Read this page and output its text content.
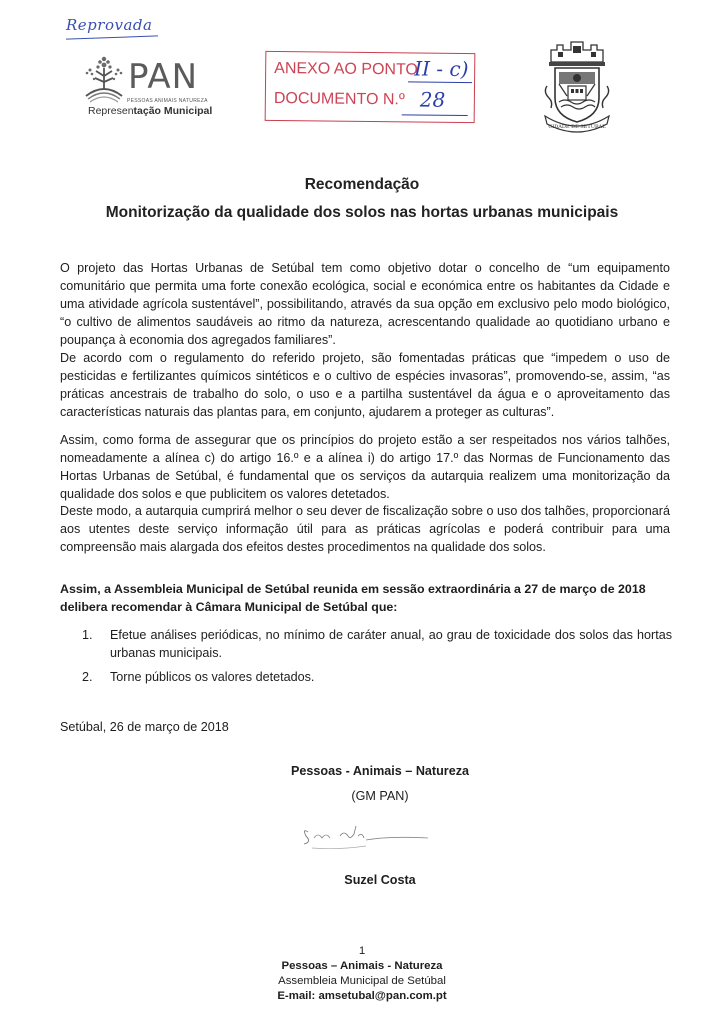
Reprovada
PAN
PESSOAS ANIMAIS NATUREZA
Representação Municipal
ANEXO AO PONTO
II - c)
DOCUMENTO N.º 28
CIDADE DE SETUBAL
Recomendação
Monitorização da qualidade dos solos nas hortas urbanas municipais

O projeto das Hortas Urbanas de Setúbal tem como objetivo dotar o concelho de “um equipamento comunitário que permita uma forte conexão ecológica, social e económica entre os habitantes da Cidade e uma atividade agrícola sustentável”, possibilitando, através da sua opção em exclusivo pelo modo biológico, “o cultivo de alimentos saudáveis ao ritmo da natureza, acrescentando qualidade ao quotidiano urbano e poupança à economia dos agregados familiares”.

De acordo com o regulamento do referido projeto, são fomentadas práticas que “impedem o uso de pesticidas e fertilizantes químicos sintéticos e o cultivo de espécies invasoras”, promovendo-se, assim, “as práticas ancestrais de trabalho do solo, o uso e a partilha sustentável da água e o aproveitamento das características naturais das plantas para, em conjunto, ajudarem a proteger as culturas”.

Assim, como forma de assegurar que os princípios do projeto estão a ser respeitados nos vários talhões, nomeadamente a alínea c) do artigo 16.º e a alínea i) do artigo 17.º das Normas de Funcionamento das Hortas Urbanas de Setúbal, é fundamental que os serviços da autarquia realizem uma monitorização da qualidade dos solos e que publicitem os valores detetados.

Deste modo, a autarquia cumprirá melhor o seu dever de fiscalização sobre o uso dos talhões, proporcionará aos utentes deste serviço informação útil para as práticas agrícolas e poderá contribuir para uma compreensão mais alargada dos efeitos destes procedimentos na qualidade dos solos.

Assim, a Assembleia Municipal de Setúbal reunida em sessão extraordinária a 27 de março de 2018 delibera recomendar à Câmara Municipal de Setúbal que:

1. Efetue análises periódicas, no mínimo de caráter anual, ao grau de toxicidade dos solos das hortas urbanas municipais.
2. Torne públicos os valores detetados.
Setúbal, 26 de março de 2018
Pessoas - Animais – Natureza
(GM PAN)
Suzel Costa
1
Pessoas – Animais - Natureza
Assembleia Municipal de Setúbal
E-mail: amsetubal@pan.com.pt
